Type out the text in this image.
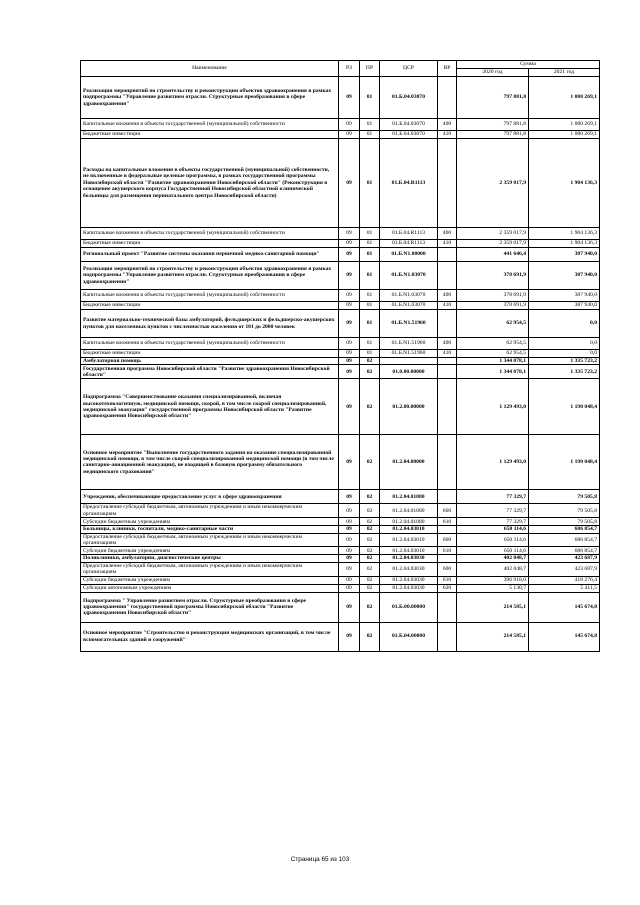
Наименование	РЗ	ПР	ЦСР	ВР	Сумма	
					2020 год	2021 год
Реализация мероприятий по строительству и реконструкции объектов здравоохранения в рамках подпрограммы "Управление развитием отрасли. Структурные преобразования в сфере здравоохранения"	09	01	01.Б.04.03070		797 881,8	1 080 269,1
Капитальные вложения в объекты государственной (муниципальной) собственности	09	01	01.Б.04.03070	400	797 881,8	1 080 269,1
Бюджетные инвестиции	09	01	01.Б.04.03070	410	797 881,8	1 080 269,1
Расходы на капитальные вложения в объекты государственной (муниципальной) собственности, не включенные в федеральные целевые программы, в рамках государственной программы Новосибирской области "Развитие здравоохранения Новосибирской области" (Реконструкция в оснащение акушерского корпуса Государственной Новосибирской областной клинической больницы для размещения перинатального центра Новосибирской области)	09	01	01.Б.04.R1113		2 359 017,9	1 904 136,3
Капитальные вложения в объекты государственной (муниципальной) собственности	09	01	01.Б.04.R1113	400	2 359 017,9	1 904 136,3
Бюджетные инвестиции	09	01	01.Б.04.R1113	410	2 359 017,9	1 904 136,3
Региональный проект "Развитие системы оказания первичной медико-санитарной помощи"	09	01	01.Б.N1.00000		441 646,4	387 940,0
Реализация мероприятий по строительству и реконструкции объектов здравоохранения в рамках подпрограммы "Управление развитием отрасли. Структурные преобразования в сфере здравоохранения"	09	01	01.Б.N1.03070		378 691,9	387 940,0
Капитальные вложения в объекты государственной (муниципальной) собственности	09	01	01.Б.N1.03070	400	378 691,9	387 940,0
Бюджетные инвестиции	09	01	01.Б.N1.03070	410	378 691,9	387 940,0
Развитие материально-технической базы амбулаторий, фельдшерских и фельдшерско-акушерских пунктов для населенных пунктов с численностью населения от 101 до 2000 человек	09	01	01.Б.N1.51960		62 954,5	0,0
Капитальные вложения в объекты государственной (муниципальной) собственности	09	01	01.Б.N1.51960	400	62 954,5	0,0
Бюджетные инвестиции	09	01	01.Б.N1.51960	410	62 954,5	0,0
Амбулаторная помощь	09	02			1 344 078,1	1 335 723,2
Государственная программа Новосибирской области "Развитие здравоохранения Новосибирской области"	09	02	01.0.00.00000		1 344 078,1	1 335 723,2
Подпрограмма "Совершенствование оказания специализированной, включая высокотехнологичную, медицинской помощи, скорой, в том числе скорой специализированной, медицинской эвакуации" государственной программы Новосибирской области "Развитие здравоохранения Новосибирской области"	09	02	01.2.00.00000		1 129 493,0	1 190 048,4
Основное мероприятие "Выполнение государственного задания на оказание специализированной медицинской помощи, в том числе скорой специализированной медицинской помощи (в том числе санитарно-авиационной эвакуации), не входящей в базовую программу обязательного медицинского страхования"	09	02	01.2.04.00000		1 129 493,0	1 190 048,4
Учреждения, обеспечивающие предоставление услуг в сфере здравоохранения	09	02	01.2.04.01080		77 329,7	79 505,8
Предоставление субсидий бюджетным, автономным учреждениям и иным некоммерческим организациям	09	02	01.2.04.01080	600	77 329,7	79 505,8
Субсидии бюджетным учреждениям	09	02	01.2.04.01080	610	77 329,7	79 505,8
Больницы, клиники, госпитали, медико-санитарные части	09	02	01.2.04.03010		650 114,6	686 854,7
Предоставление субсидий бюджетным, автономным учреждениям и иным некоммерческим организациям	09	02	01.2.04.03010	600	650 114,6	686 854,7
Субсидии бюджетным учреждениям	09	02	01.2.04.03010	610	650 114,6	686 854,7
Поликлиники, амбулатории, диагностические центры	09	02	01.2.04.03030		402 048,7	423 687,9
Предоставление субсидий бюджетным, автономным учреждениям и иным некоммерческим организациям	09	02	01.2.04.03030	600	402 048,7	423 687,9
Субсидии бюджетным учреждениям	09	02	01.2.04.03030	610	396 918,0	418 276,4
Субсидии автономным учреждениям	09	02	01.2.04.03030	620	5 130,7	5 411,5
Подпрограмма " Управление развитием отрасли. Структурные преобразования в сфере здравоохранения" государственной программы Новосибирской области "Развитие здравоохранения Новосибирской области"	09	02	01.Б.00.00000		214 585,1	145 674,8
Основное мероприятие "Строительство и реконструкция медицинских организаций, в том числе вспомогательных зданий и сооружений"	09	02	01.Б.04.00000		214 585,1	145 674,8
Страница 65 из 103
